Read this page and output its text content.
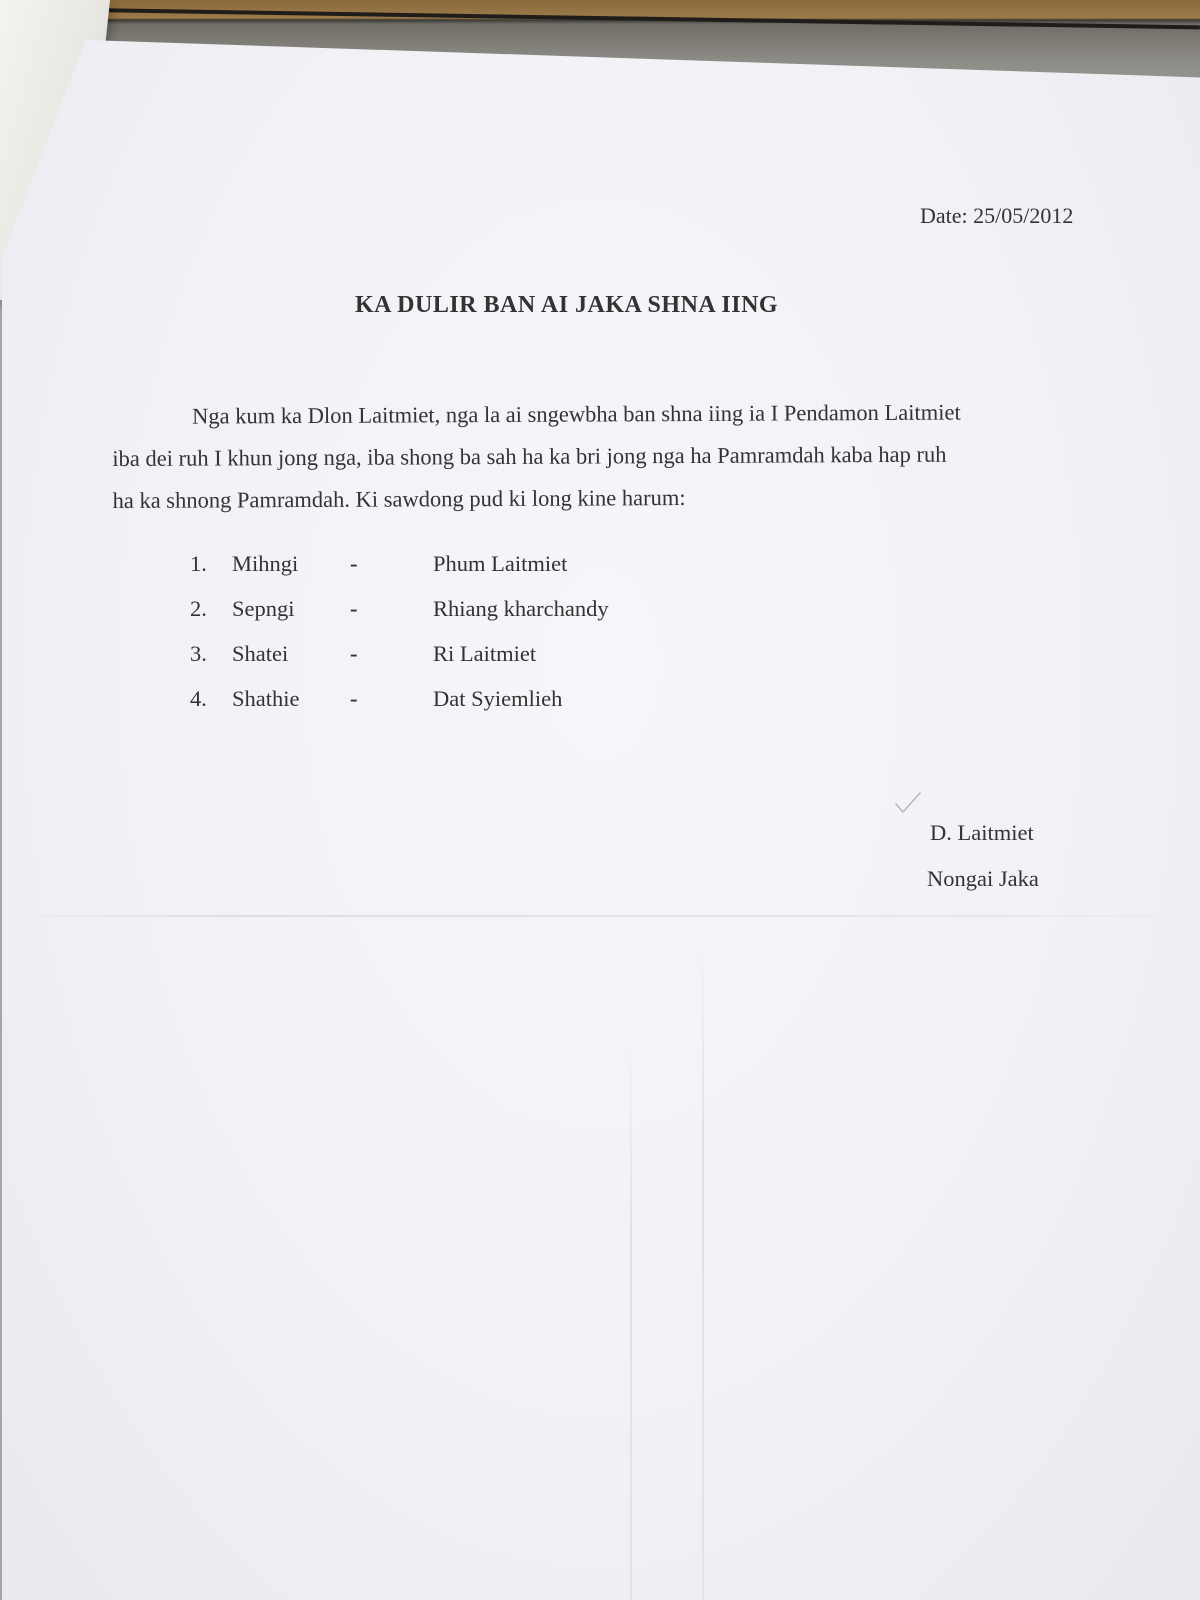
Date: 25/05/2012
KA DULIR BAN AI JAKA SHNA IING
Nga kum ka Dlon Laitmiet, nga la ai sngewbha ban shna iing ia I Pendamon Laitmiet
iba dei ruh I khun jong nga, iba shong ba sah ha ka bri jong nga ha Pamramdah kaba hap ruh
ha ka shnong Pamramdah. Ki sawdong pud ki long kine harum:
1. Mihngi -	Phum Laitmiet
2. Sepngi -	Rhiang kharchandy
3. Shatei	-	Ri Laitmiet
4. Shathie -	Dat Syiemlieh
D. Laitmiet
Nongai Jaka
